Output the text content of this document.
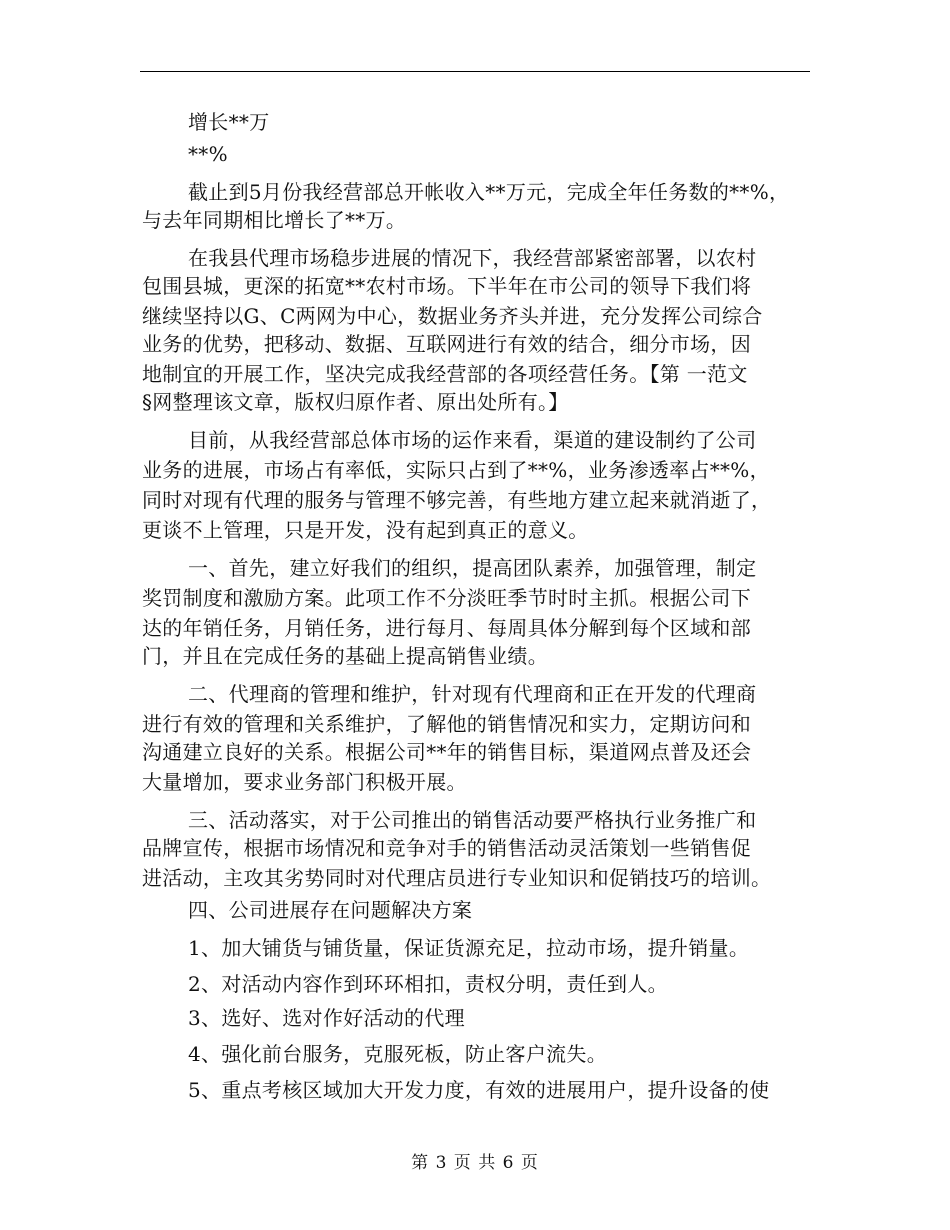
增长**万
**%
截止到5月份我经营部总开帐收入**万元，完成全年任务数的**%，
与去年同期相比增长了**万。
在我县代理市场稳步进展的情况下，我经营部紧密部署，以农村
包围县城，更深的拓宽**农村市场。下半年在市公司的领导下我们将
继续坚持以G、C两网为中心，数据业务齐头并进，充分发挥公司综合
业务的优势，把移动、数据、互联网进行有效的结合，细分市场，因
地制宜的开展工作，坚决完成我经营部的各项经营任务。【第 一范文
§网整理该文章，版权归原作者、原出处所有。】
目前，从我经营部总体市场的运作来看，渠道的建设制约了公司
业务的进展，市场占有率低，实际只占到了**%，业务渗透率占**%，
同时对现有代理的服务与管理不够完善，有些地方建立起来就消逝了，
更谈不上管理，只是开发，没有起到真正的意义。
一、首先，建立好我们的组织，提高团队素养，加强管理，制定
奖罚制度和激励方案。此项工作不分淡旺季节时时主抓。根据公司下
达的年销任务，月销任务，进行每月、每周具体分解到每个区域和部
门，并且在完成任务的基础上提高销售业绩。
二、代理商的管理和维护，针对现有代理商和正在开发的代理商
进行有效的管理和关系维护，了解他的销售情况和实力，定期访问和
沟通建立良好的关系。根据公司**年的销售目标，渠道网点普及还会
大量增加，要求业务部门积极开展。
三、活动落实，对于公司推出的销售活动要严格执行业务推广和
品牌宣传，根据市场情况和竞争对手的销售活动灵活策划一些销售促
进活动，主攻其劣势同时对代理店员进行专业知识和促销技巧的培训。
四、公司进展存在问题解决方案
1、加大铺货与铺货量，保证货源充足，拉动市场，提升销量。
2、对活动内容作到环环相扣，责权分明，责任到人。
3、选好、选对作好活动的代理
4、强化前台服务，克服死板，防止客户流失。
5、重点考核区域加大开发力度，有效的进展用户，提升设备的使
第 3 页 共 6 页
